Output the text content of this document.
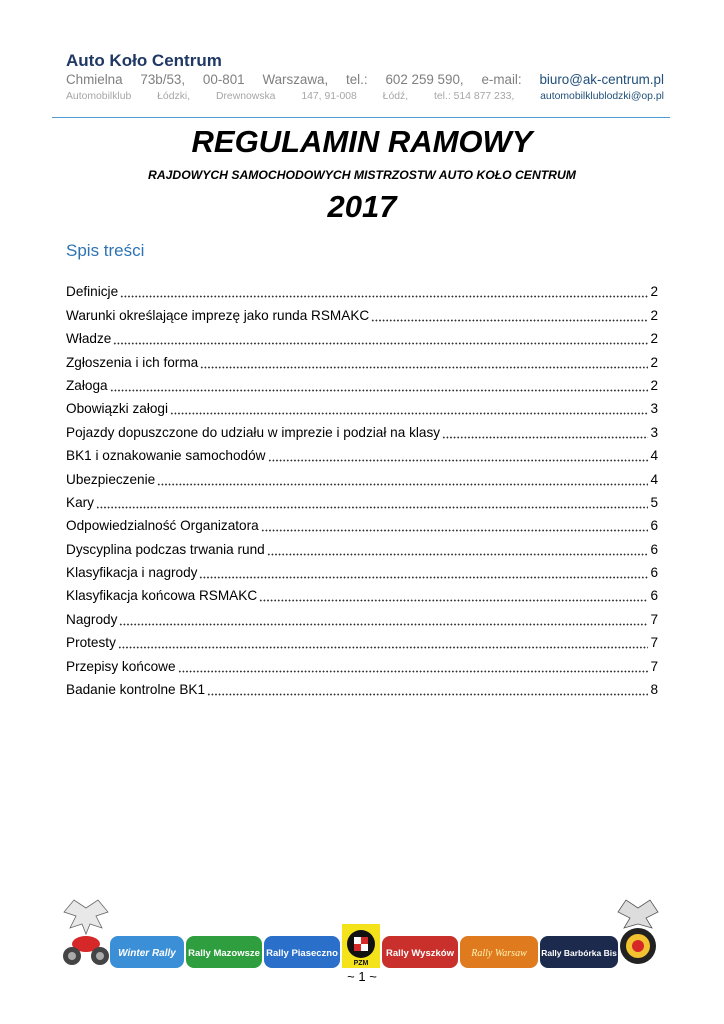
Auto Koło Centrum
Chmielna 73b/53, 00-801 Warszawa, tel.: 602 259 590, e-mail: biuro@ak-centrum.pl
Automobilklub Łódzki, Drewnowska 147, 91-008 Łódź, tel.: 514 877 233, automobilklublodzki@op.pl
REGULAMIN RAMOWY
RAJDOWYCH SAMOCHODOWYCH MISTRZOSTW AUTO KOŁO CENTRUM
2017
Spis treści
Definicje	2
Warunki określające imprezę jako runda RSMAKC	2
Władze	2
Zgłoszenia i ich forma	2
Załoga	2
Obowiązki załogi	3
Pojazdy dopuszczone do udziału w imprezie i podział na klasy	3
BK1 i oznakowanie samochodów	4
Ubezpieczenie	4
Kary	5
Odpowiedzialność Organizatora	6
Dyscyplina podczas trwania rund	6
Klasyfikacja i nagrody	6
Klasyfikacja końcowa RSMAKC	6
Nagrody	7
Protesty	7
Przepisy końcowe	7
Badanie kontrolne BK1	8
Winter Rally Rally Mazowsze Rally Piaseczno
PZM
Rally Wyszków Rally Warsaw Rally Barbórka Bis
~ 1 ~
